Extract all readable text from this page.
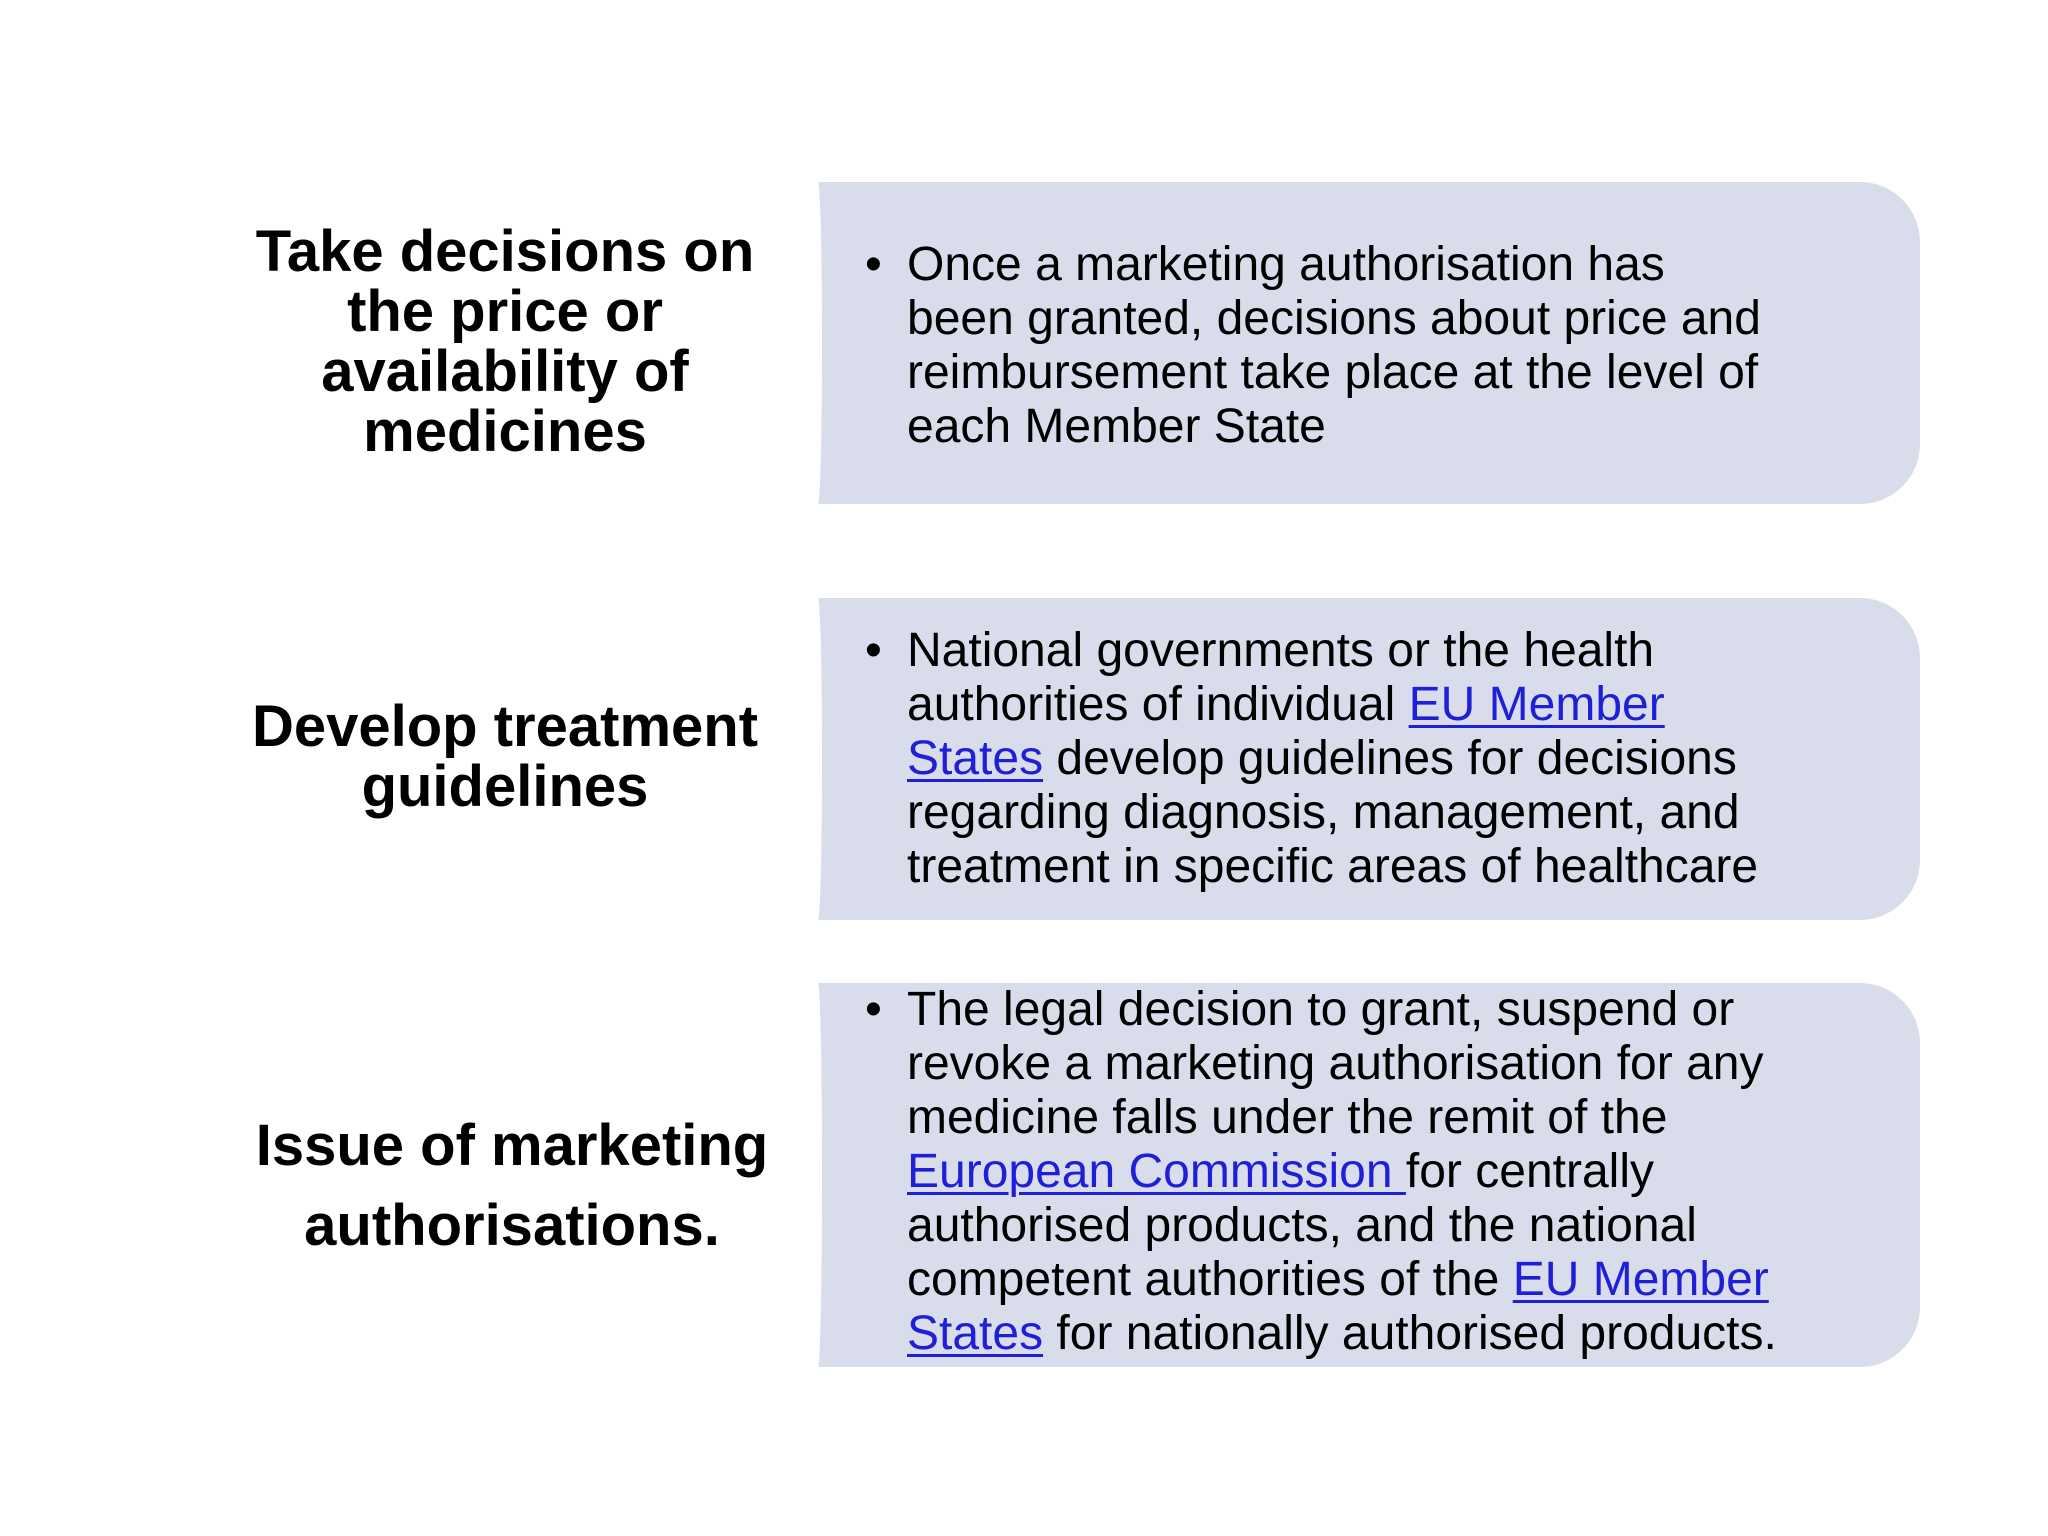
Take decisions on
the price or
availability of
medicines
• Once a marketing authorisation has
been granted, decisions about price and
reimbursement take place at the level of
each Member State
Develop treatment
guidelines
• National governments or the health
authorities of individual EU Member
States develop guidelines for decisions
regarding diagnosis, management, and
treatment in specific areas of healthcare
Issue of marketing
authorisations.
• The legal decision to grant, suspend or
revoke a marketing authorisation for any
medicine falls under the remit of the
European Commission for centrally
authorised products, and the national
competent authorities of the EU Member
States for nationally authorised products.
